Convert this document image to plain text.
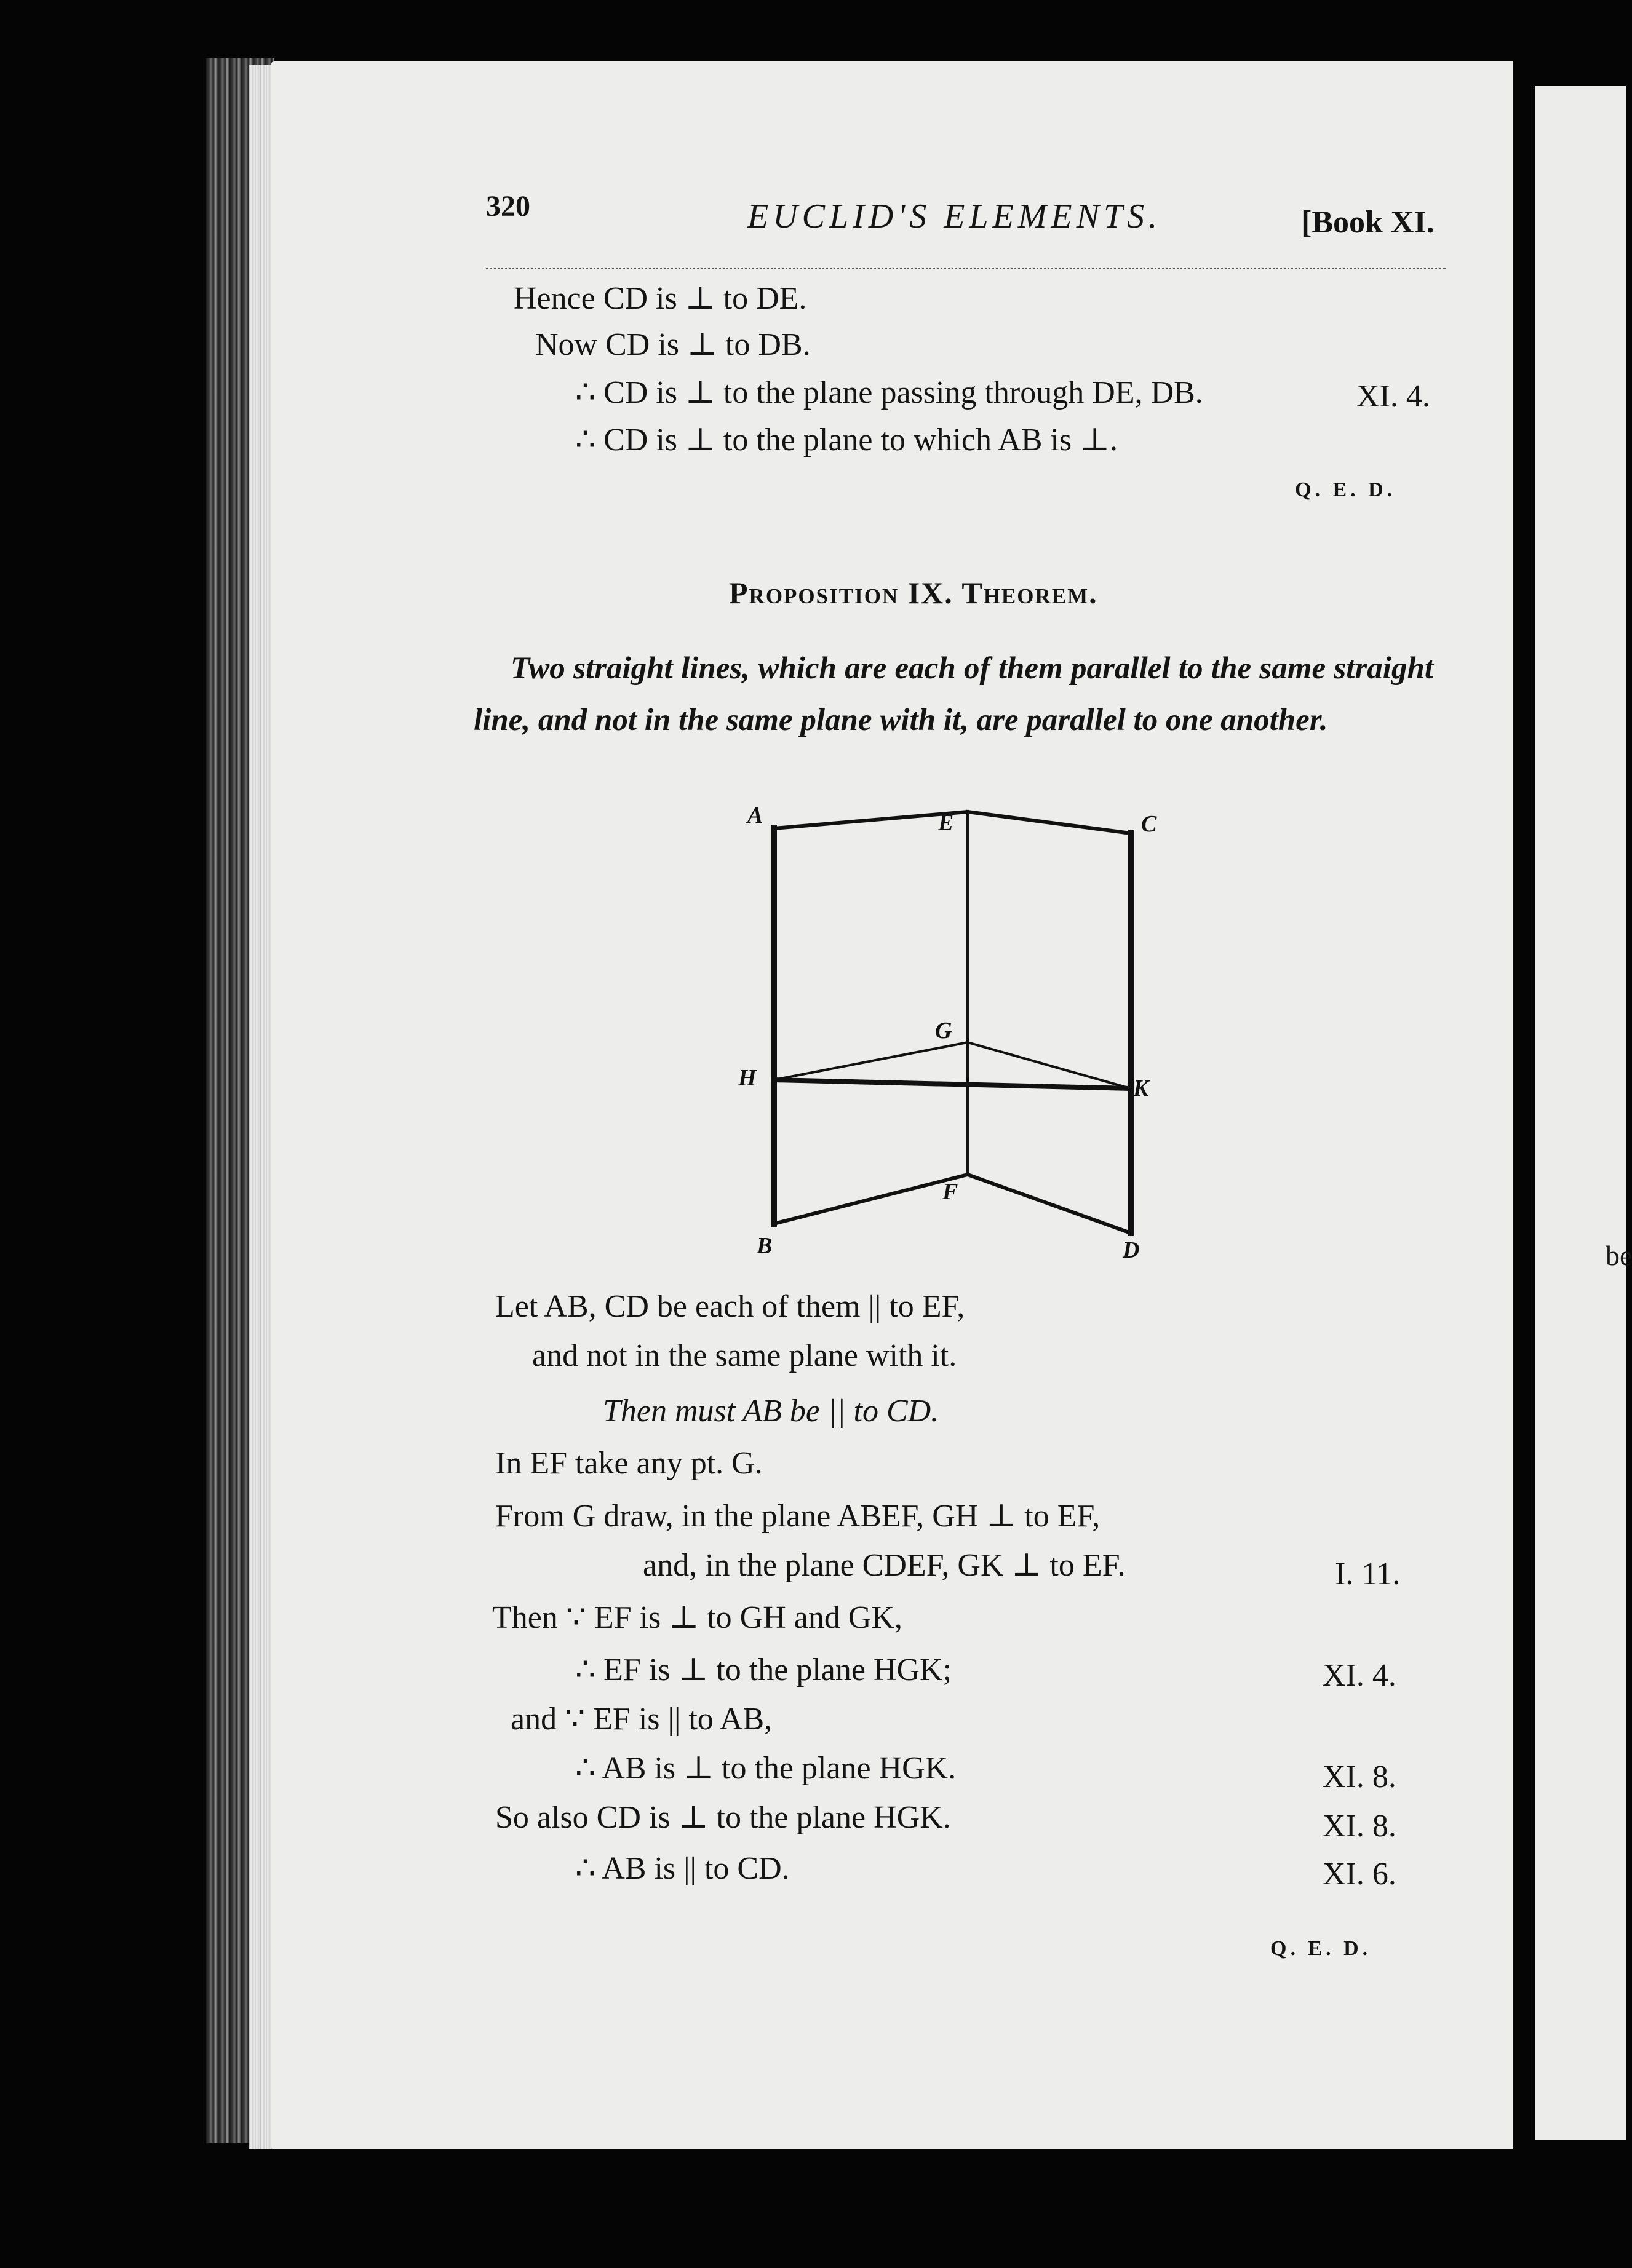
be
320	EUCLID'S ELEMENTS.	[Book XI.
Hence CD is ⊥ to DE.
Now CD is ⊥ to DB.
∴ CD is ⊥ to the plane passing through DE, DB.	XI. 4.
∴ CD is ⊥ to the plane to which AB is ⊥.
Q. E. D.
Proposition IX. Theorem.
Two straight lines, which are each of them parallel to the same straight line, and not in the same plane with it, are parallel to one another.
A	E	C
G
H	K
F
B	D
Let AB, CD be each of them || to EF,
and not in the same plane with it.
Then must AB be || to CD.
In EF take any pt. G.
From G draw, in the plane ABEF, GH ⊥ to EF,
and, in the plane CDEF, GK ⊥ to EF.	I. 11.
Then ∵ EF is ⊥ to GH and GK,
∴ EF is ⊥ to the plane HGK;	XI. 4.
and ∵ EF is || to AB,
∴ AB is ⊥ to the plane HGK.	XI. 8.
So also CD is ⊥ to the plane HGK.	XI. 8.
∴ AB is || to CD.	XI. 6.
Q. E. D.
